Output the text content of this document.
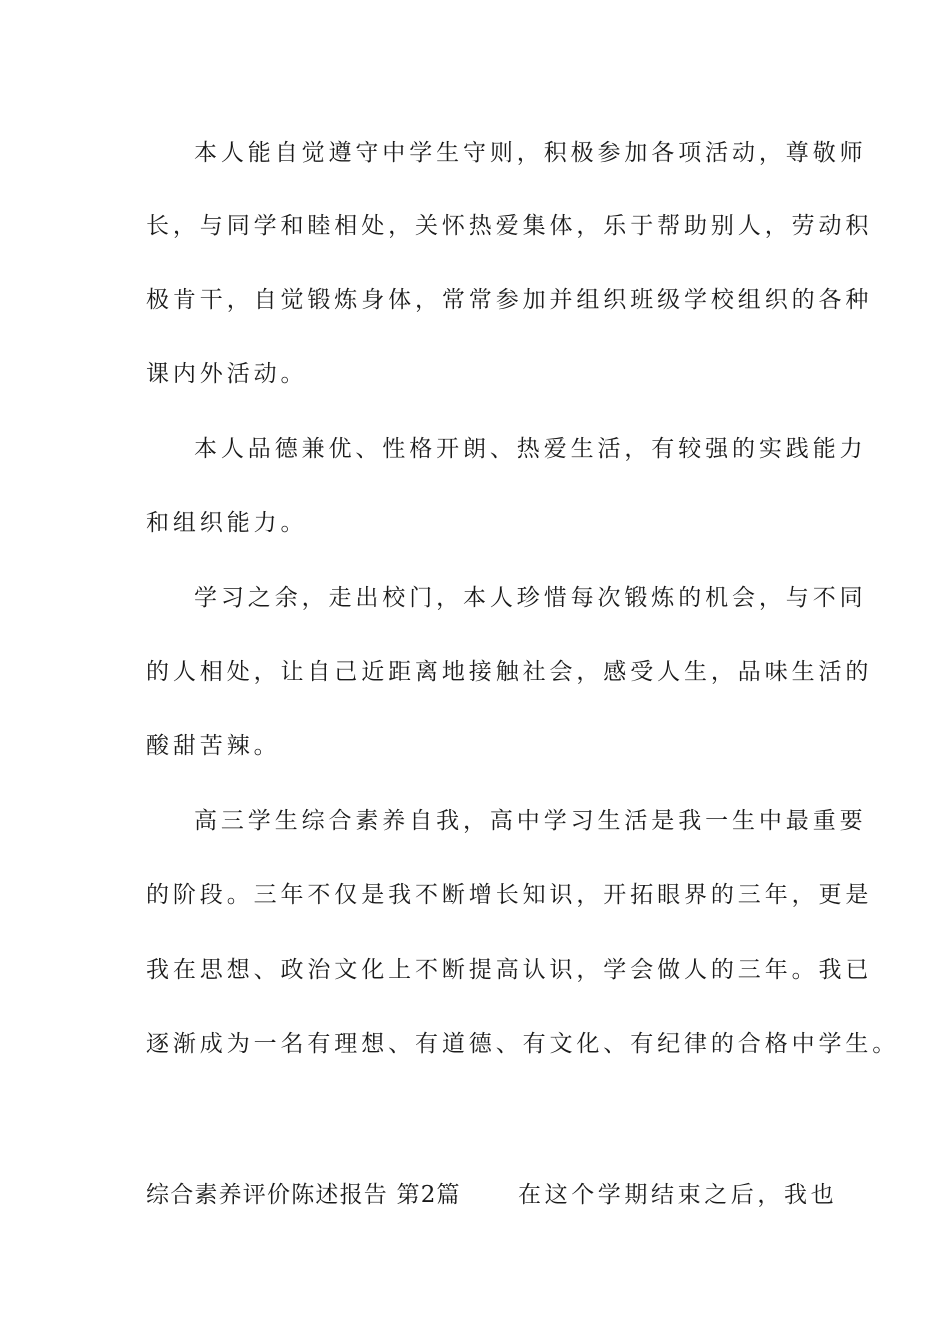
本人能自觉遵守中学生守则，积极参加各项活动，尊敬师
长，与同学和睦相处，关怀热爱集体，乐于帮助别人，劳动积
极肯干，自觉锻炼身体，常常参加并组织班级学校组织的各种
课内外活动。
本人品德兼优、性格开朗、热爱生活，有较强的实践能力
和组织能力。
学习之余，走出校门，本人珍惜每次锻炼的机会，与不同
的人相处，让自己近距离地接触社会，感受人生，品味生活的
酸甜苦辣。
高三学生综合素养自我，高中学习生活是我一生中最重要
的阶段。三年不仅是我不断增长知识，开拓眼界的三年，更是
我在思想、政治文化上不断提高认识，学会做人的三年。我已
逐渐成为一名有理想、有道德、有文化、有纪律的合格中学生。
综合素养评价陈述报告 第2篇 在这个学期结束之后，我也
